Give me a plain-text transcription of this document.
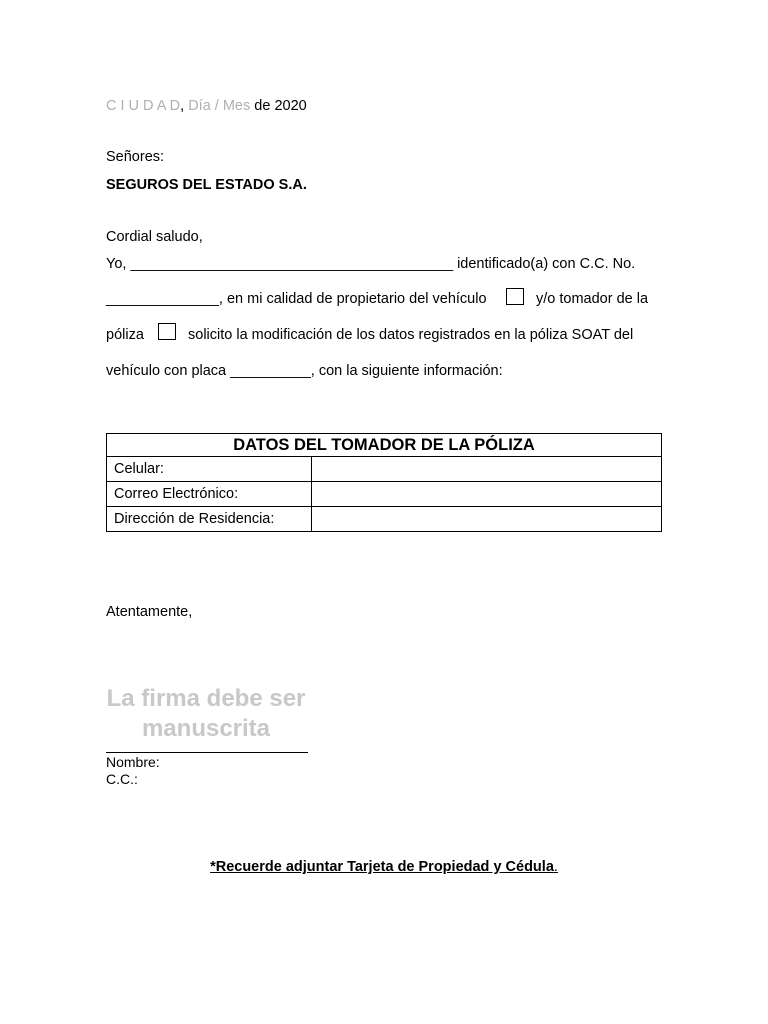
C I U D A D, Día / Mes de 2020
Señores:
SEGUROS DEL ESTADO S.A.
Cordial saludo,
Yo, ________________________________________ identificado(a) con C.C. No.
______________, en mi calidad de propietario del vehículo	y/o tomador de la
póliza	solicito la modificación de los datos registrados en la póliza SOAT del
vehículo con placa __________, con la siguiente información:
DATOS DEL TOMADOR DE LA PÓLIZA	
Celular:	
Correo Electrónico:	
Dirección de Residencia:	
Atentamente,
La firma debe ser manuscrita
Nombre:
C.C.:
*Recuerde adjuntar Tarjeta de Propiedad y Cédula.
